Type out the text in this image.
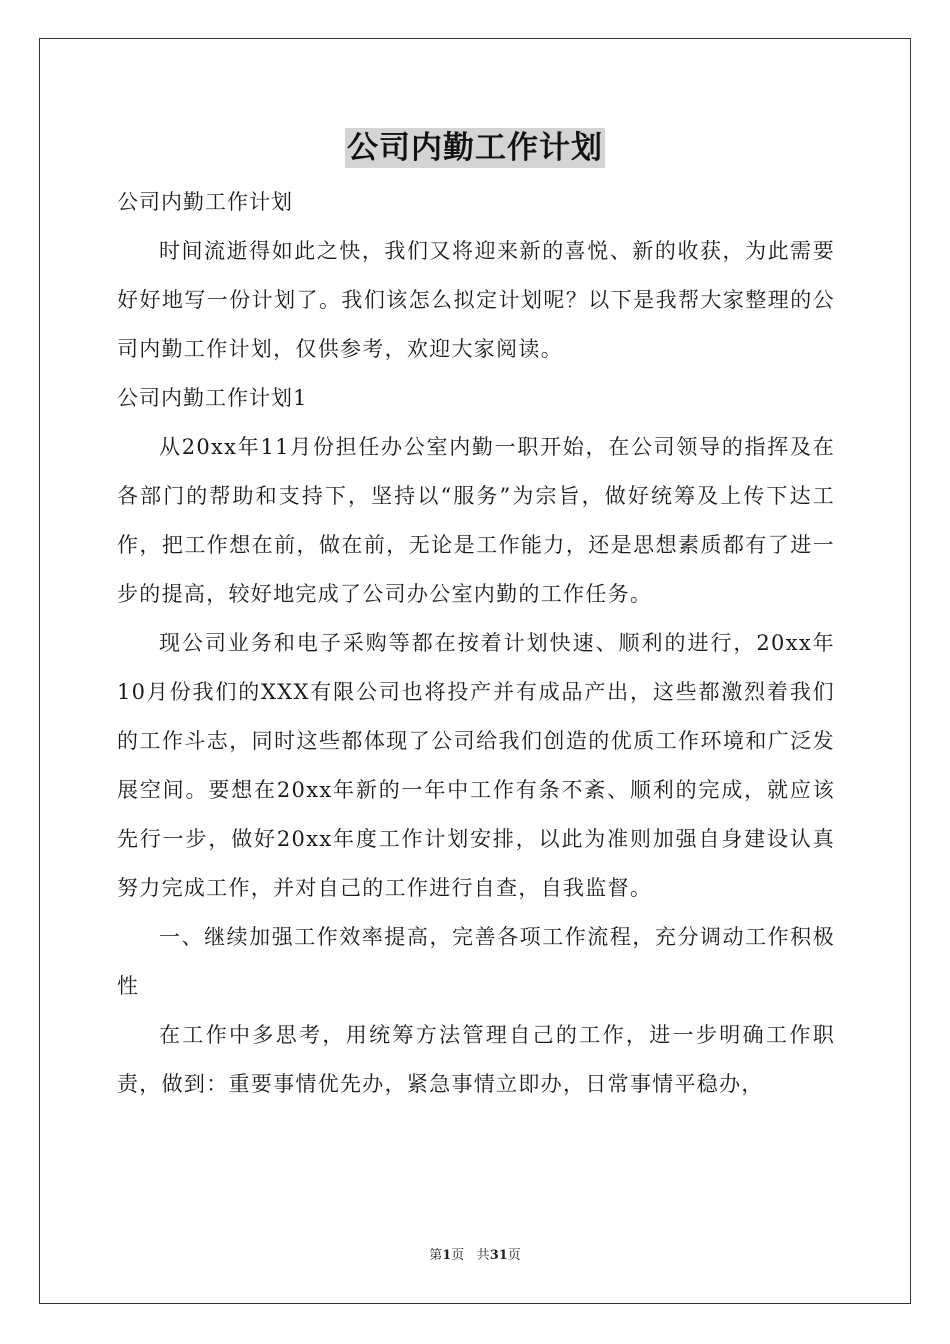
公司内勤工作计划

公司内勤工作计划

时间流逝得如此之快，我们又将迎来新的喜悦、新的收获，为此需要好好地写一份计划了。我们该怎么拟定计划呢？以下是我帮大家整理的公司内勤工作计划，仅供参考，欢迎大家阅读。

公司内勤工作计划1

从20xx年11月份担任办公室内勤一职开始，在公司领导的指挥及在各部门的帮助和支持下，坚持以“服务”为宗旨，做好统筹及上传下达工作，把工作想在前，做在前，无论是工作能力，还是思想素质都有了进一步的提高，较好地完成了公司办公室内勤的工作任务。

现公司业务和电子采购等都在按着计划快速、顺利的进行，20xx年10月份我们的XXX有限公司也将投产并有成品产出，这些都激烈着我们的工作斗志，同时这些都体现了公司给我们创造的优质工作环境和广泛发展空间。要想在20xx年新的一年中工作有条不紊、顺利的完成，就应该先行一步，做好20xx年度工作计划安排，以此为准则加强自身建设认真努力完成工作，并对自己的工作进行自查，自我监督。

一、继续加强工作效率提高，完善各项工作流程，充分调动工作积极性

在工作中多思考，用统筹方法管理自己的工作，进一步明确工作职责，做到：重要事情优先办，紧急事情立即办，日常事情平稳办，

第1页 共31页
